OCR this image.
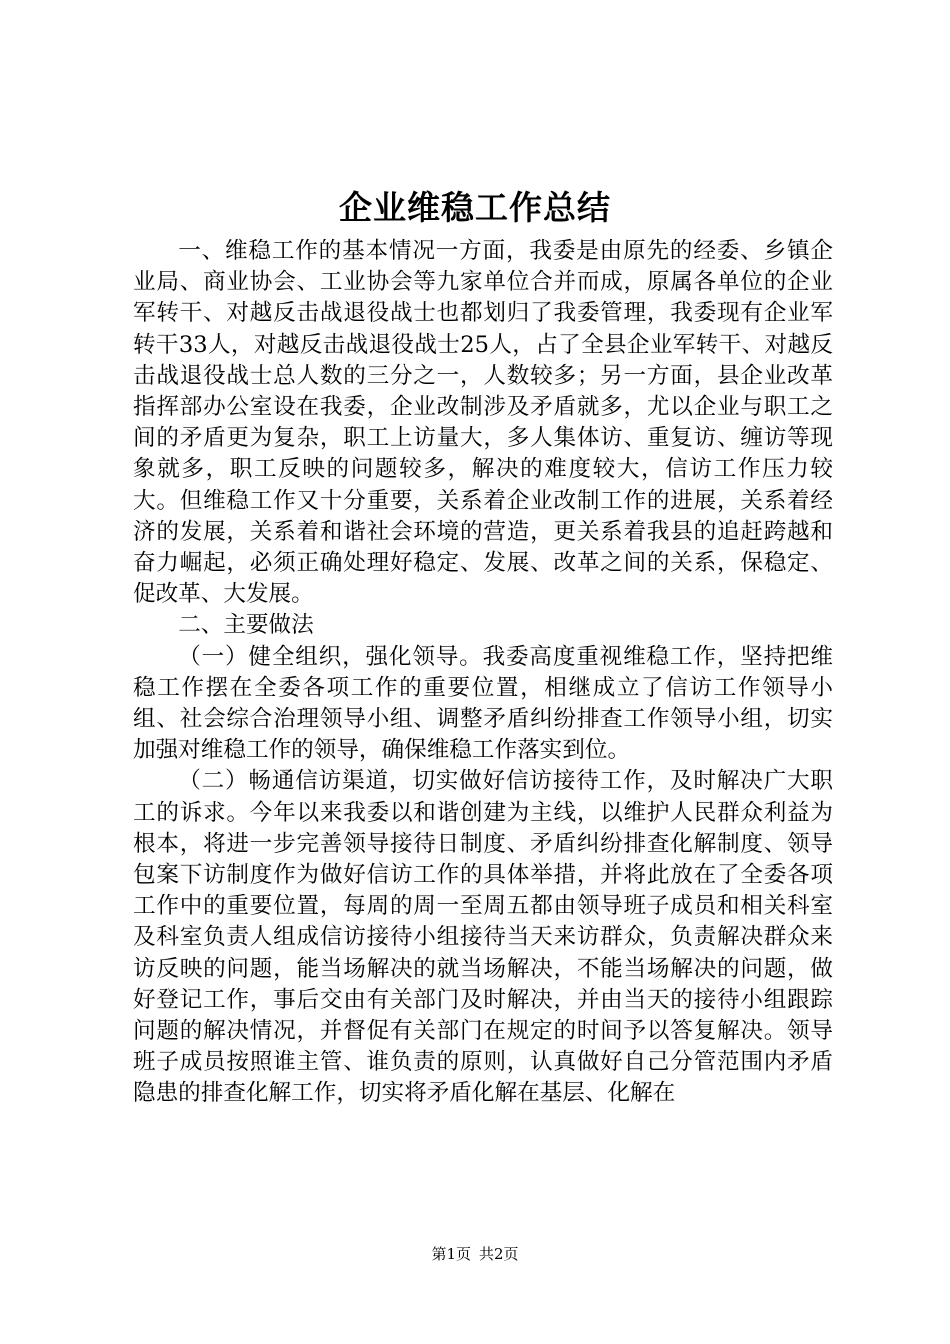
企业维稳工作总结

一、维稳工作的基本情况一方面，我委是由原先的经委、乡镇企业局、商业协会、工业协会等九家单位合并而成，原属各单位的企业军转干、对越反击战退役战士也都划归了我委管理，我委现有企业军转干33人，对越反击战退役战士25人，占了全县企业军转干、对越反击战退役战士总人数的三分之一，人数较多；另一方面，县企业改革指挥部办公室设在我委，企业改制涉及矛盾就多，尤以企业与职工之间的矛盾更为复杂，职工上访量大，多人集体访、重复访、缠访等现象就多，职工反映的问题较多，解决的难度较大，信访工作压力较大。但维稳工作又十分重要，关系着企业改制工作的进展，关系着经济的发展，关系着和谐社会环境的营造，更关系着我县的追赶跨越和奋力崛起，必须正确处理好稳定、发展、改革之间的关系，保稳定、促改革、大发展。

二、主要做法

（一）健全组织，强化领导。我委高度重视维稳工作，坚持把维稳工作摆在全委各项工作的重要位置，相继成立了信访工作领导小组、社会综合治理领导小组、调整矛盾纠纷排查工作领导小组，切实加强对维稳工作的领导，确保维稳工作落实到位。

（二）畅通信访渠道，切实做好信访接待工作，及时解决广大职工的诉求。今年以来我委以和谐创建为主线，以维护人民群众利益为根本，将进一步完善领导接待日制度、矛盾纠纷排查化解制度、领导包案下访制度作为做好信访工作的具体举措，并将此放在了全委各项工作中的重要位置，每周的周一至周五都由领导班子成员和相关科室及科室负责人组成信访接待小组接待当天来访群众，负责解决群众来访反映的问题，能当场解决的就当场解决，不能当场解决的问题，做好登记工作，事后交由有关部门及时解决，并由当天的接待小组跟踪问题的解决情况，并督促有关部门在规定的时间予以答复解决。领导班子成员按照谁主管、谁负责的原则，认真做好自己分管范围内矛盾隐患的排查化解工作，切实将矛盾化解在基层、化解在

第1页 共2页
